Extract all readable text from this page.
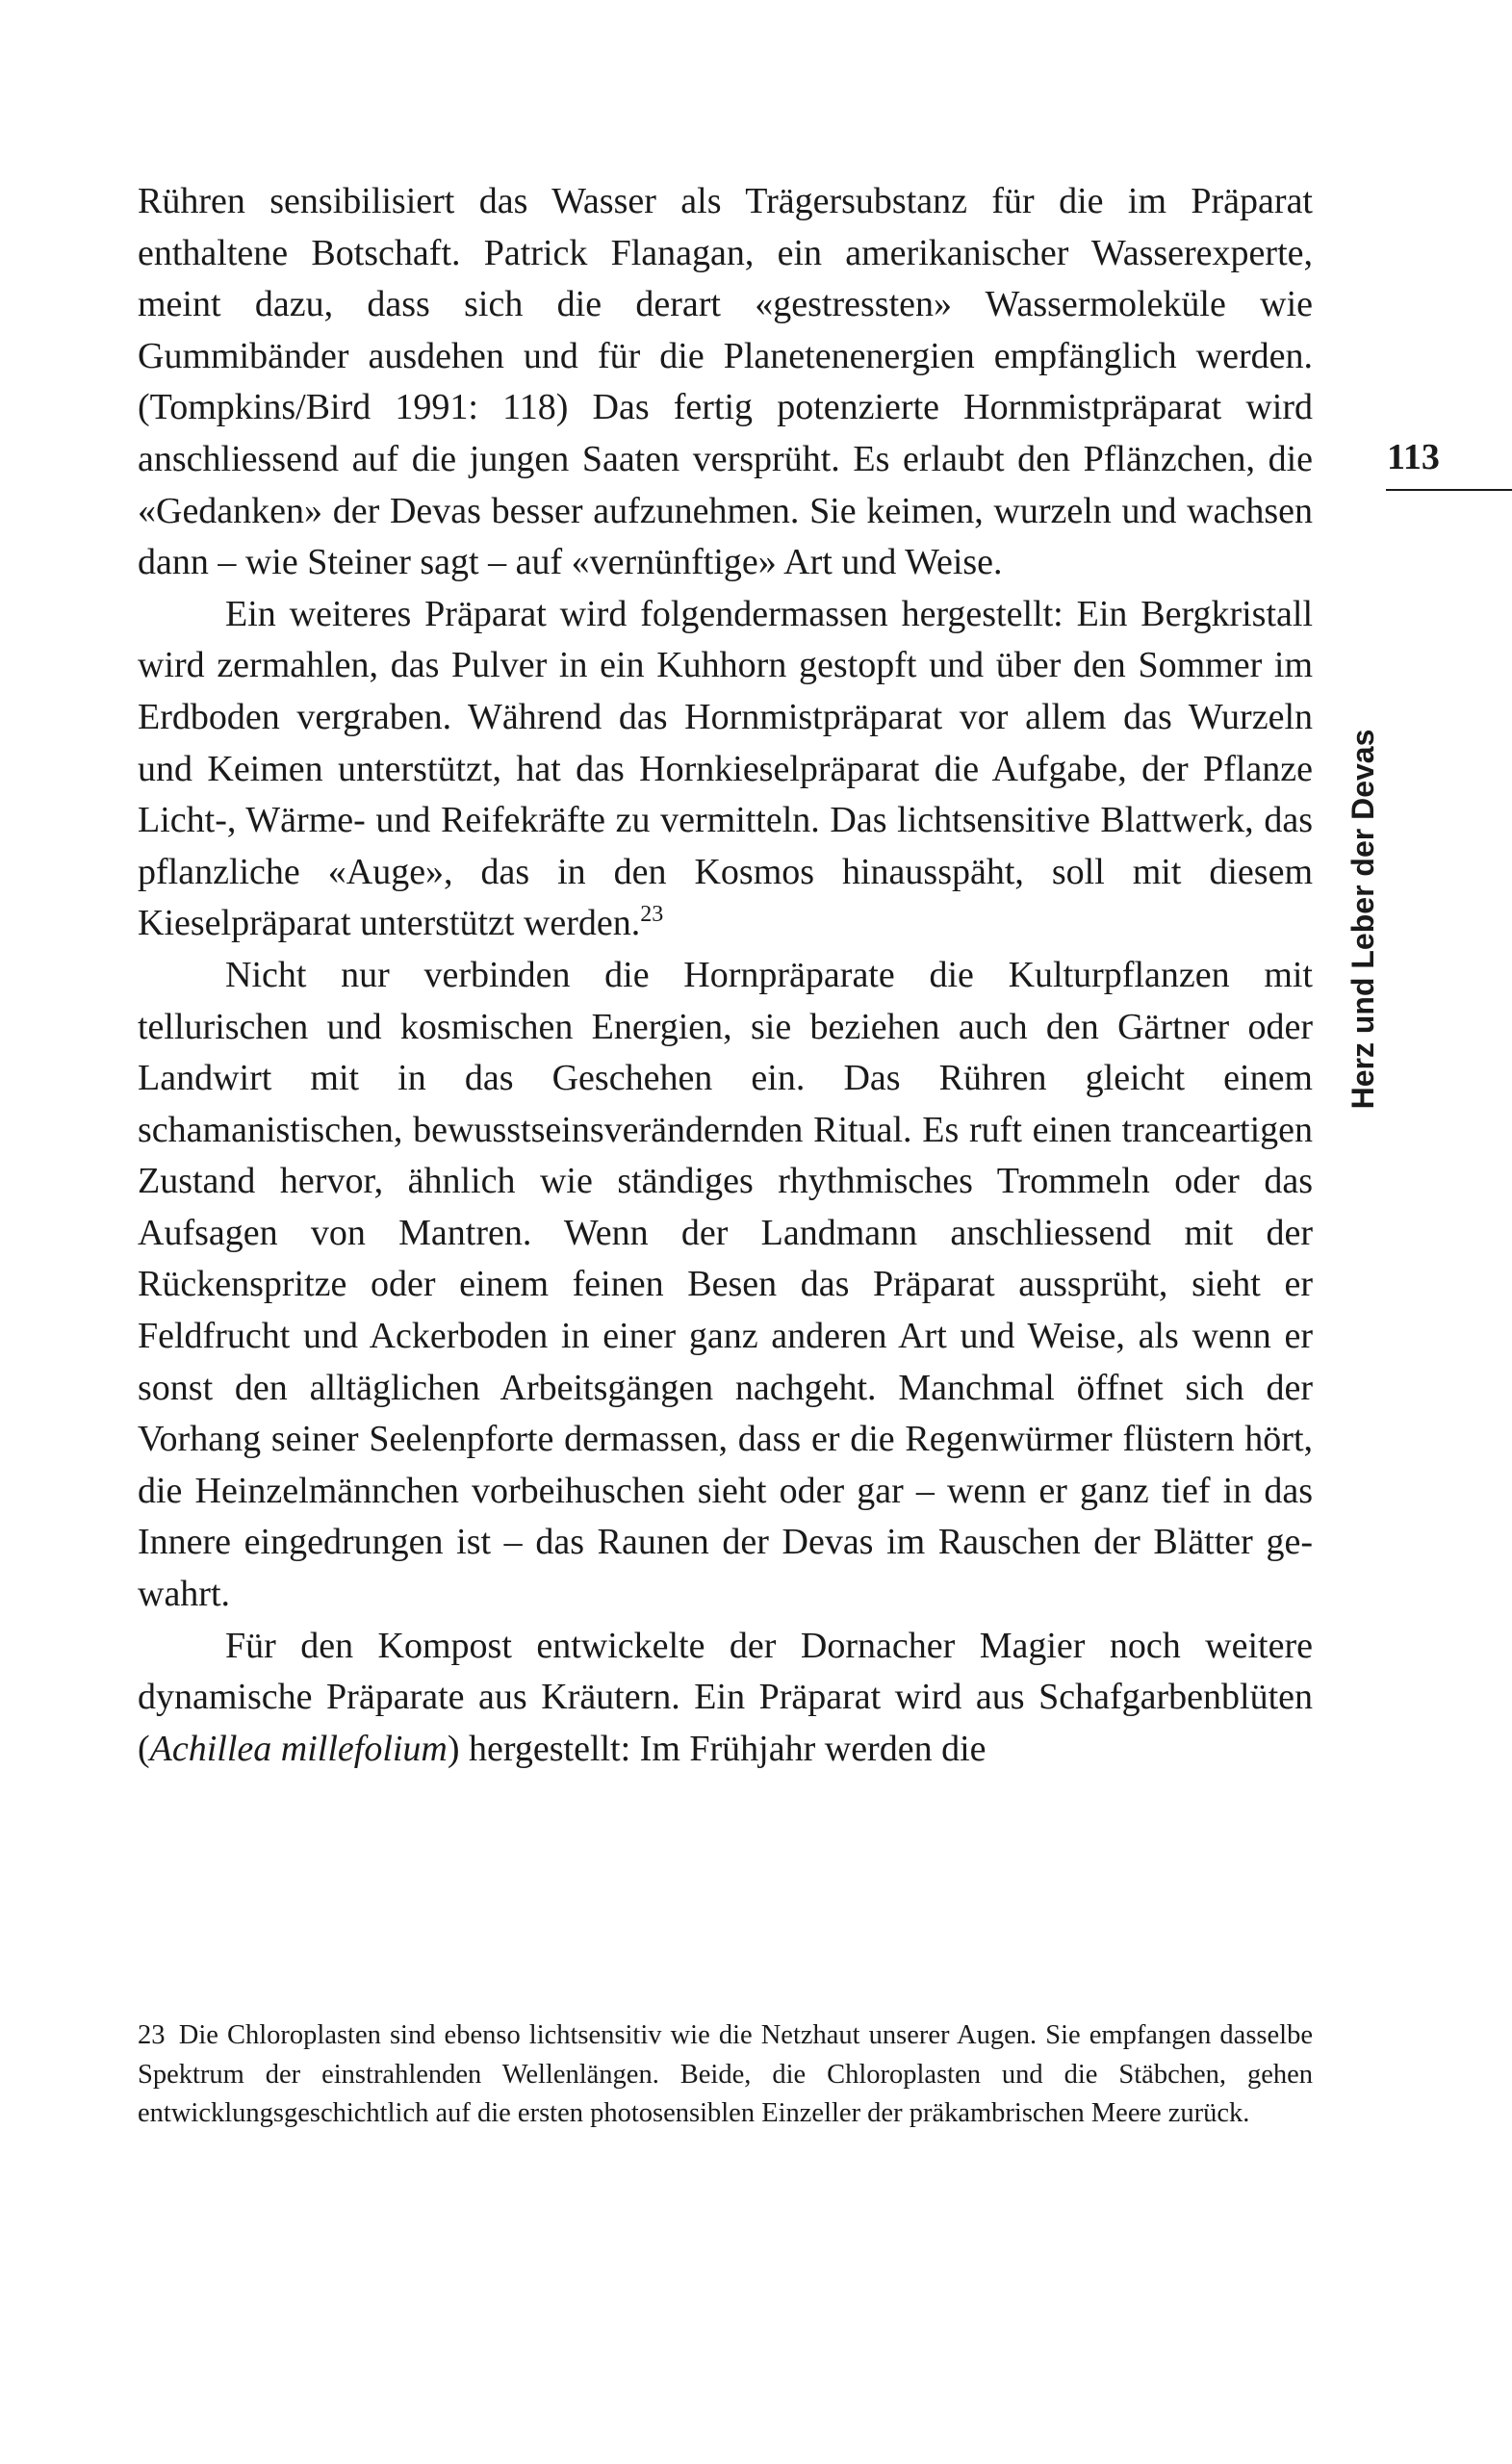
113
Herz und Leber der Devas

Rühren sensibilisiert das Wasser als Trägersubstanz für die im Präparat enthaltene Botschaft. Patrick Flanagan, ein amerikanischer Wasserexperte, meint dazu, dass sich die derart «gestressten» Wassermoleküle wie Gummibänder ausdehen und für die Planetenenergien empfänglich werden. (Tompkins/Bird 1991: 118) Das fertig potenzierte Hornmistpräparat wird anschliessend auf die jungen Saaten versprüht. Es erlaubt den Pflänzchen, die «Gedanken» der Devas besser aufzunehmen. Sie keimen, wurzeln und wachsen dann – wie Steiner sagt – auf «vernünftige» Art und Weise.

Ein weiteres Präparat wird folgendermassen hergestellt: Ein Bergkristall wird zermahlen, das Pulver in ein Kuhhorn gestopft und über den Sommer im Erdboden vergraben. Während das Hornmistpräparat vor allem das Wurzeln und Keimen unterstützt, hat das Hornkieselpräparat die Aufgabe, der Pflanze Licht-, Wärme- und Reifekräfte zu vermitteln. Das lichtsensitive Blattwerk, das pflanzliche «Auge», das in den Kosmos hinausspäht, soll mit diesem Kieselpräparat unterstützt werden.$^{23}$

Nicht nur verbinden die Hornpräparate die Kulturpflanzen mit tellurischen und kosmischen Energien, sie beziehen auch den Gärtner oder Landwirt mit in das Geschehen ein. Das Rühren gleicht einem schamanistischen, bewusstseinsverändernden Ritual. Es ruft einen tranceartigen Zustand hervor, ähnlich wie ständiges rhythmisches Trommeln oder das Aufsagen von Mantren. Wenn der Landmann anschliessend mit der Rückenspritze oder einem feinen Besen das Präparat aussprüht, sieht er Feldfrucht und Ackerboden in einer ganz anderen Art und Weise, als wenn er sonst den alltäglichen Arbeitsgängen nachgeht. Manchmal öffnet sich der Vorhang seiner Seelenpforte dermassen, dass er die Regenwürmer flüstern hört, die Heinzelmännchen vorbeihuschen sieht oder gar – wenn er ganz tief in das Innere eingedrungen ist – das Raunen der Devas im Rauschen der Blätter gewahrt.

Für den Kompost entwickelte der Dornacher Magier noch weitere dynamische Präparate aus Kräutern. Ein Präparat wird aus Schafgarbenblüten (Achillea millefolium) hergestellt: Im Frühjahr werden die

23 Die Chloroplasten sind ebenso lichtsensitiv wie die Netzhaut unserer Augen. Sie empfangen dasselbe Spektrum der einstrahlenden Wellenlängen. Beide, die Chloroplasten und die Stäbchen, gehen entwicklungsgeschichtlich auf die ersten photosensiblen Einzeller der präkambrischen Meere zurück.
